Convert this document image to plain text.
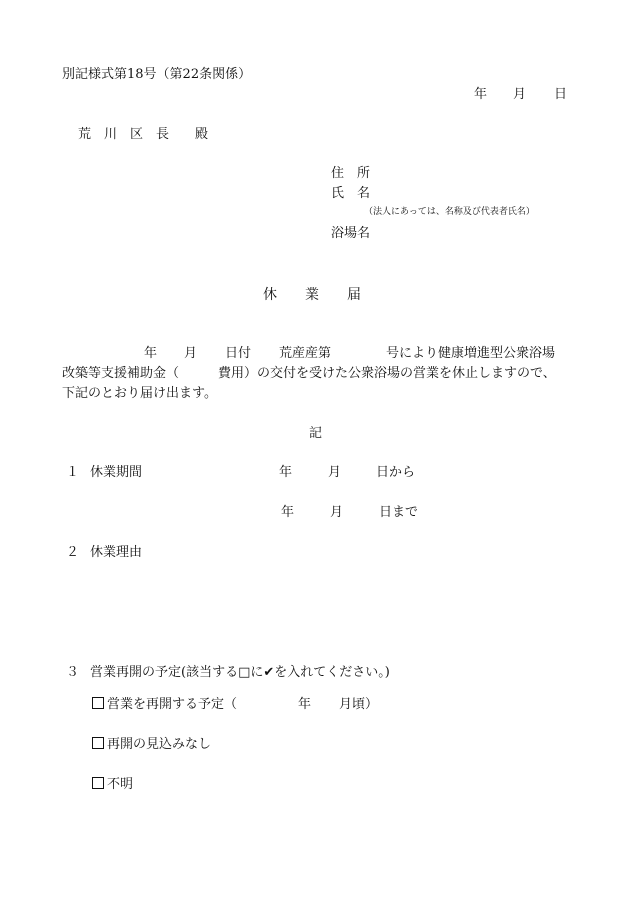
別記様式第18号（第22条関係）
年 月 日
荒　川　区　長　　殿
住　所
氏　名
（法人にあっては、名称及び代表者氏名）
浴場名
休　　業　　届
年 月 日付 荒産産第	号により健康増進型公衆浴場
改築等支援補助金（　　　費用）の交付を受けた公衆浴場の営業を休止しますので、
下記のとおり届け出ます。
記
１ 休業期間	年	月	日から
年	月	日まで
２ 休業理由
３ 営業再開の予定(該当する□に✔を入れてください。)
営業を再開する予定（	年 月頃）
再開の見込みなし
不明
